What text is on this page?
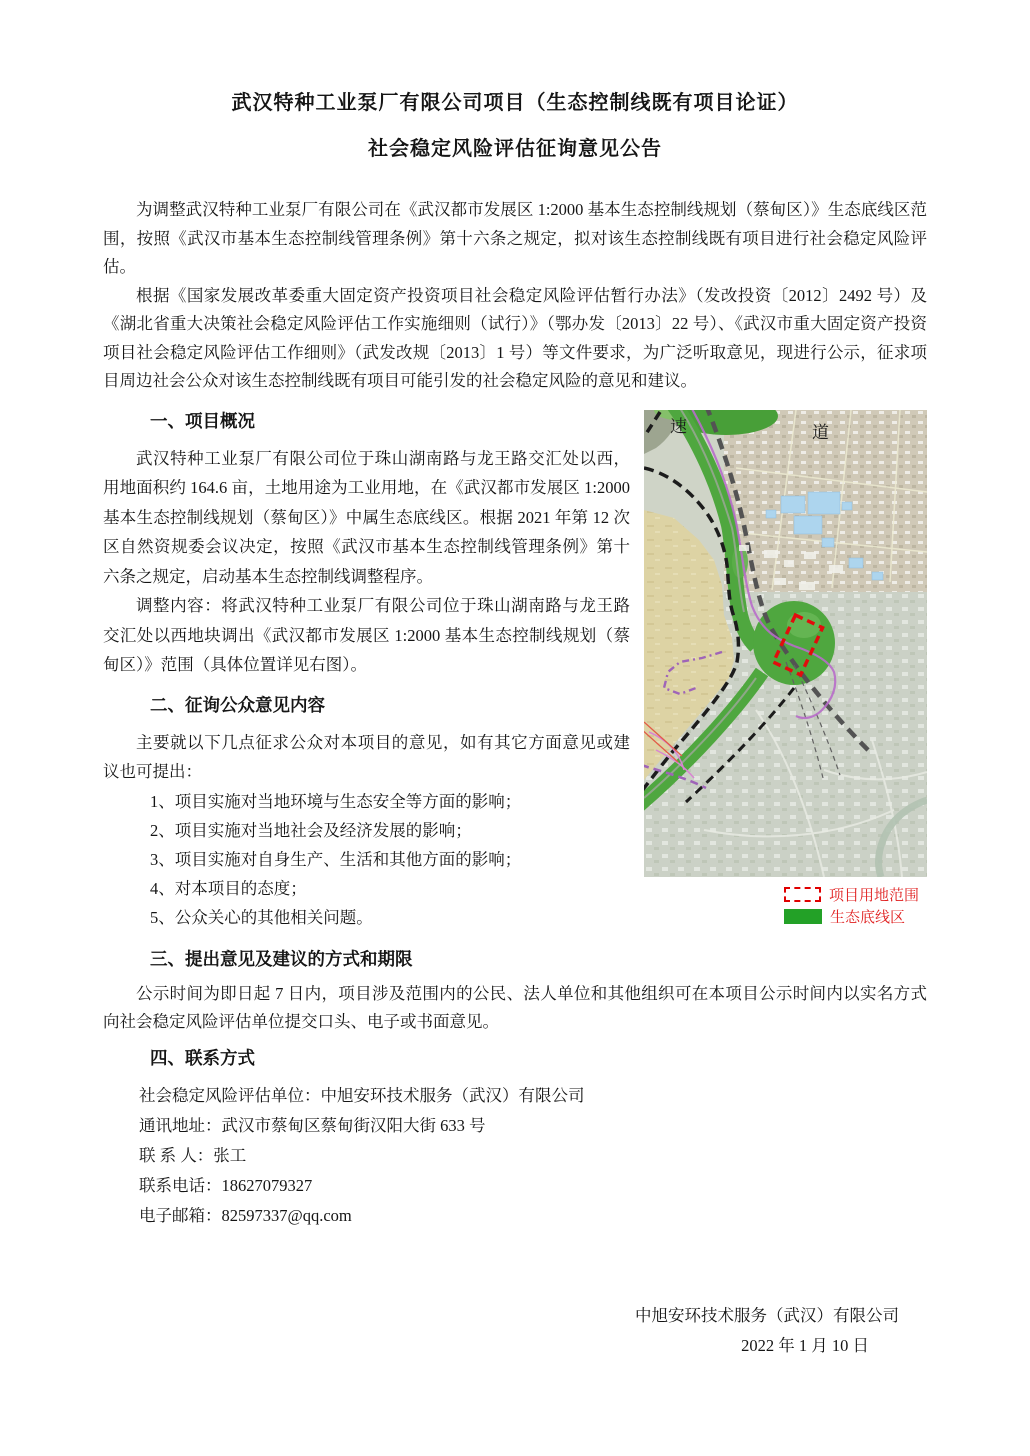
武汉特种工业泵厂有限公司项目（生态控制线既有项目论证）
社会稳定风险评估征询意见公告

为调整武汉特种工业泵厂有限公司在《武汉都市发展区 1:2000 基本生态控制线规划（蔡甸区）》生态底线区范围，按照《武汉市基本生态控制线管理条例》第十六条之规定，拟对该生态控制线既有项目进行社会稳定风险评估。

根据《国家发展改革委重大固定资产投资项目社会稳定风险评估暂行办法》（发改投资〔2012〕2492 号）及《湖北省重大决策社会稳定风险评估工作实施细则（试行）》（鄂办发〔2013〕22 号）、《武汉市重大固定资产投资项目社会稳定风险评估工作细则》（武发改规〔2013〕1 号）等文件要求，为广泛听取意见，现进行公示，征求项目周边社会公众对该生态控制线既有项目可能引发的社会稳定风险的意见和建议。

速	道
项目用地范围
生态底线区
一、项目概况

武汉特种工业泵厂有限公司位于珠山湖南路与龙王路交汇处以西，用地面积约 164.6 亩，土地用途为工业用地，在《武汉都市发展区 1:2000 基本生态控制线规划（蔡甸区）》中属生态底线区。根据 2021 年第 12 次区自然资规委会议决定，按照《武汉市基本生态控制线管理条例》第十六条之规定，启动基本生态控制线调整程序。

调整内容：将武汉特种工业泵厂有限公司位于珠山湖南路与龙王路交汇处以西地块调出《武汉都市发展区 1:2000 基本生态控制线规划（蔡甸区）》范围（具体位置详见右图）。

二、征询公众意见内容

主要就以下几点征求公众对本项目的意见，如有其它方面意见或建议也可提出：

1、项目实施对当地环境与生态安全等方面的影响；
2、项目实施对当地社会及经济发展的影响；
3、项目实施对自身生产、生活和其他方面的影响；
4、对本项目的态度；
5、公众关心的其他相关问题。
三、提出意见及建议的方式和期限

公示时间为即日起 7 日内，项目涉及范围内的公民、法人单位和其他组织可在本项目公示时间内以实名方式向社会稳定风险评估单位提交口头、电子或书面意见。

四、联系方式
社会稳定风险评估单位：中旭安环技术服务（武汉）有限公司
通讯地址：武汉市蔡甸区蔡甸街汉阳大街 633 号
联 系 人：张工
联系电话：18627079327
电子邮箱：82597337@qq.com
中旭安环技术服务（武汉）有限公司
2022 年 1 月 10 日
